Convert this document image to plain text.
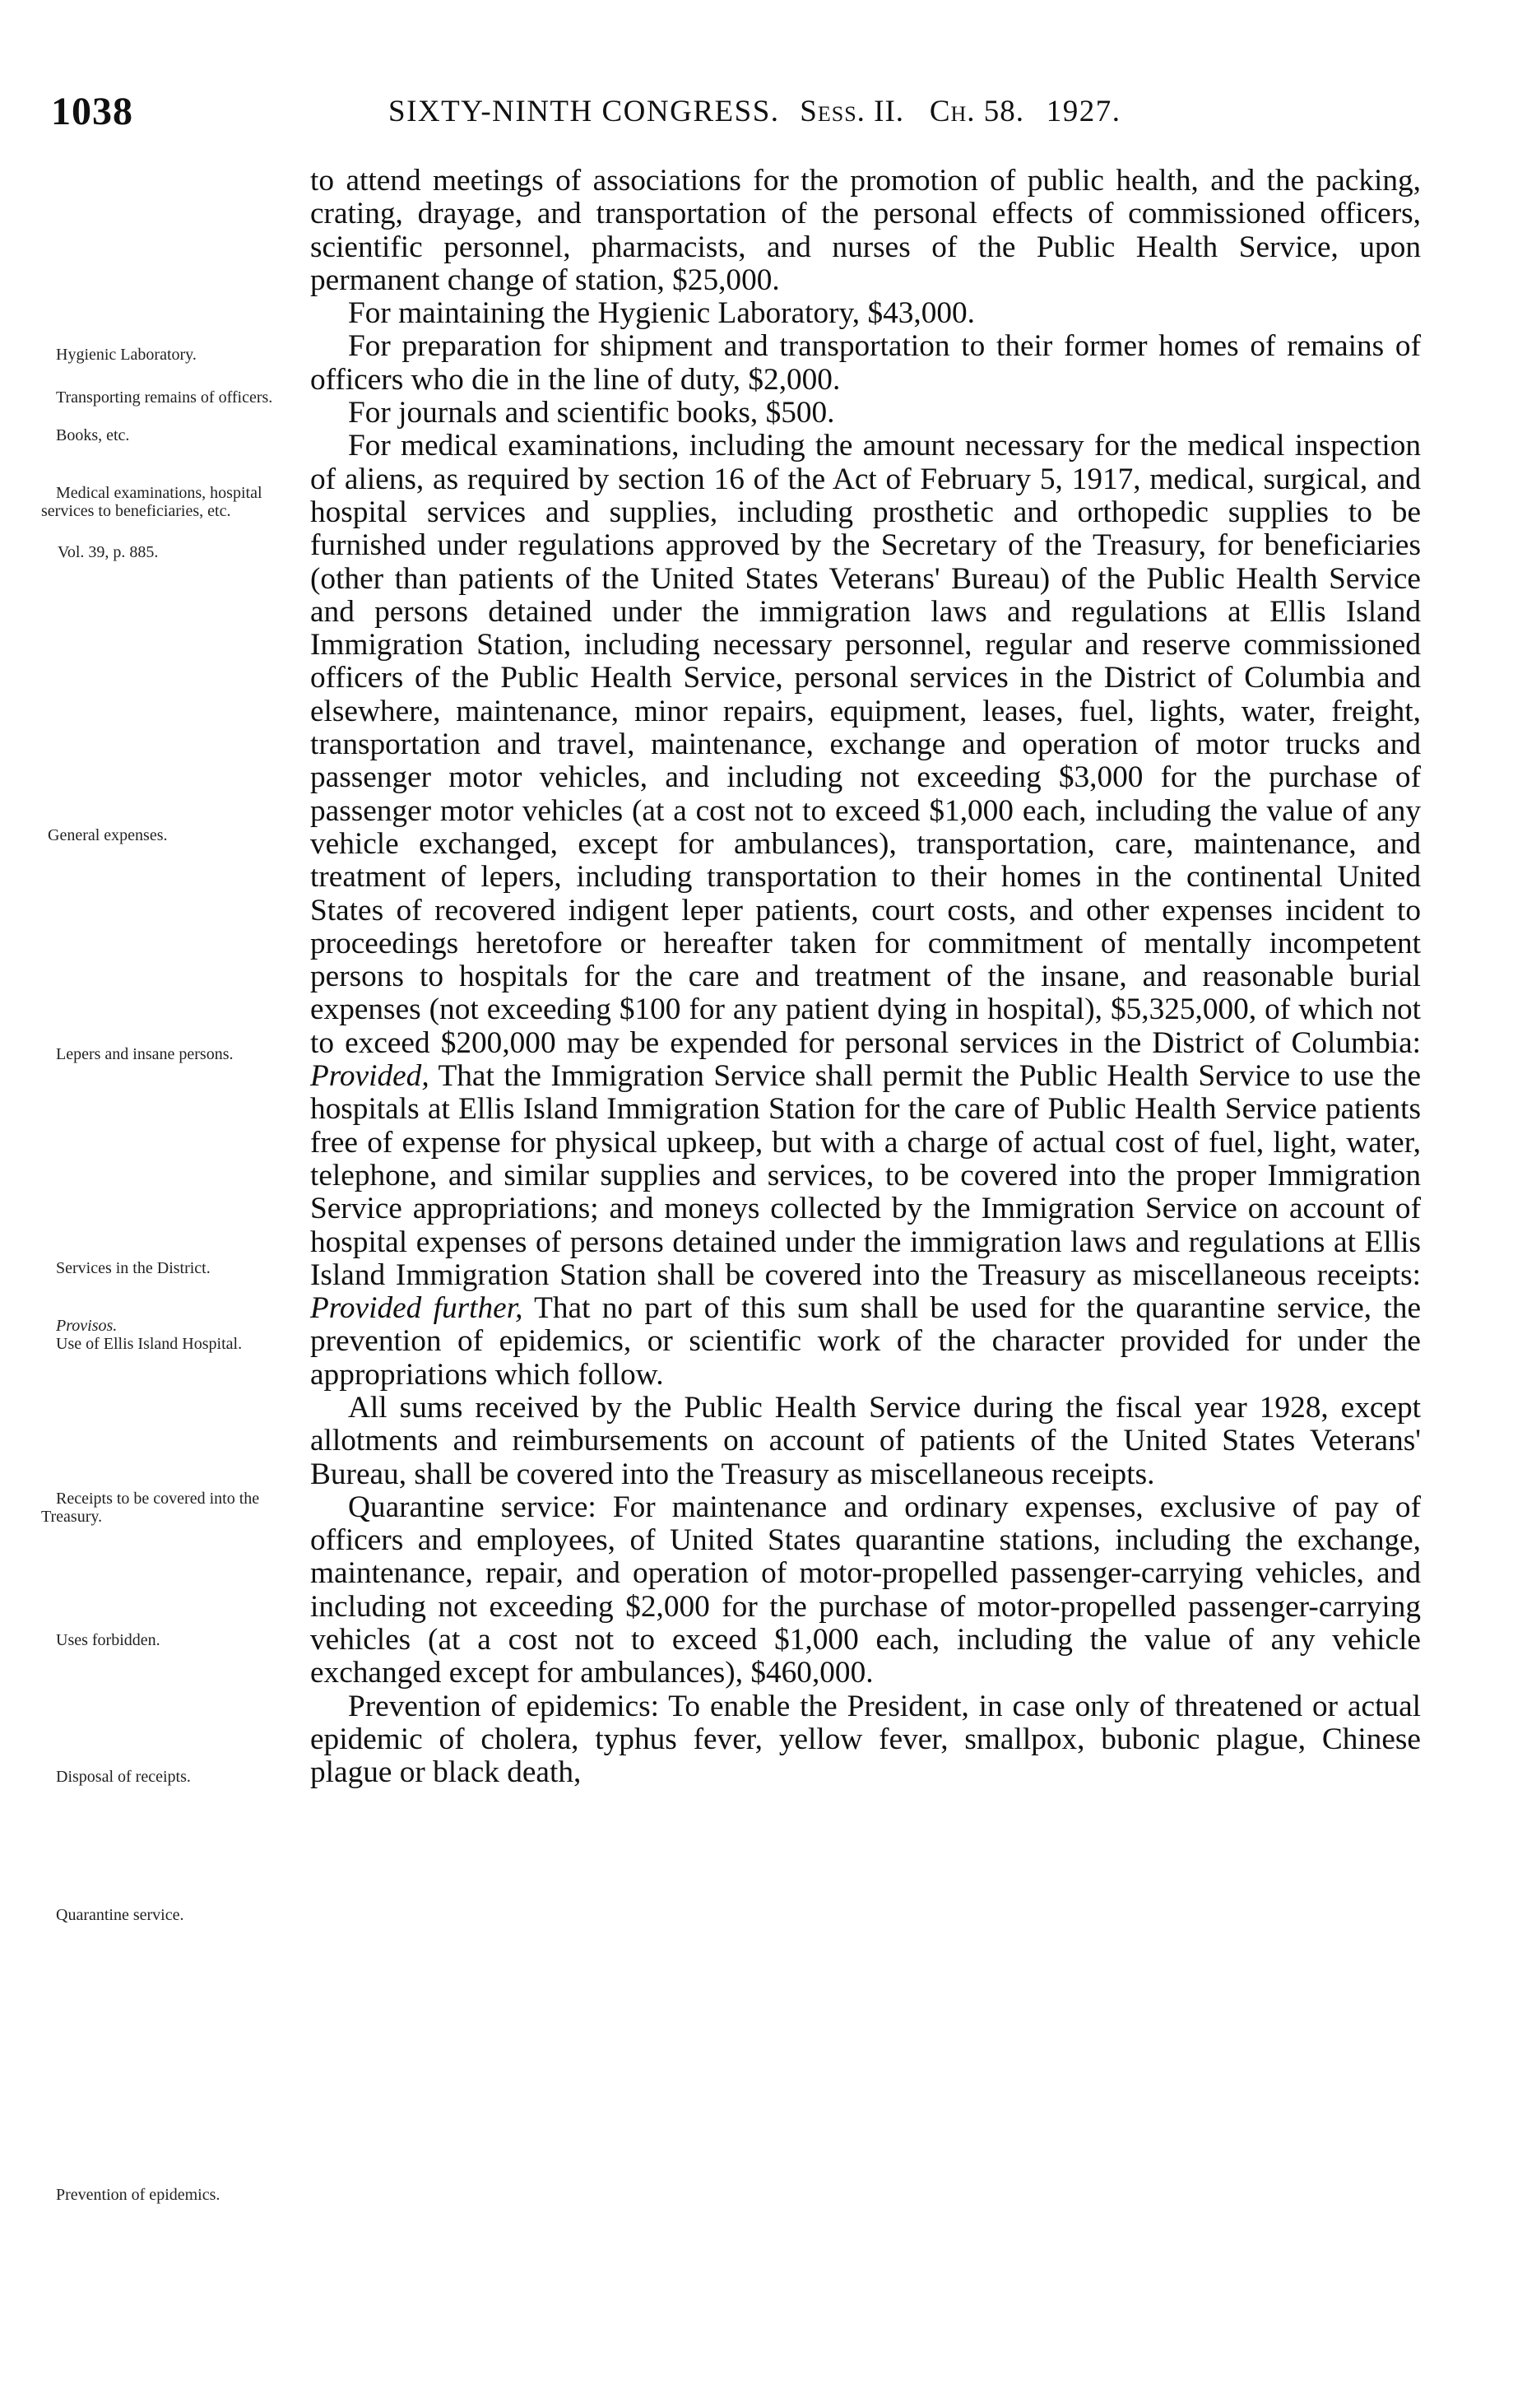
1038	SIXTY-NINTH CONGRESS. Sess. II. Ch. 58. 1927.
Hygienic Laboratory.
Transporting remains of officers.
Books, etc.
Medical examinations, hospital services to beneficiaries, etc.
Vol. 39, p. 885.
General expenses.
Lepers and insane persons.
Services in the District.
Provisos.
Use of Ellis Island Hospital.
Receipts to be covered into the Treasury.
Uses forbidden.
Disposal of receipts.
Quarantine service.
Prevention of epidemics.

to attend meetings of associations for the promotion of public health, and the packing, crating, drayage, and transportation of the personal effects of commissioned officers, scientific personnel, pharmacists, and nurses of the Public Health Service, upon permanent change of station, $25,000.

For maintaining the Hygienic Laboratory, $43,000.

For preparation for shipment and transportation to their former homes of remains of officers who die in the line of duty, $2,000.

For journals and scientific books, $500.

For medical examinations, including the amount necessary for the medical inspection of aliens, as required by section 16 of the Act of February 5, 1917, medical, surgical, and hospital services and supplies, including prosthetic and orthopedic supplies to be furnished under regulations approved by the Secretary of the Treasury, for beneficiaries (other than patients of the United States Veterans' Bureau) of the Public Health Service and persons detained under the immigration laws and regulations at Ellis Island Immigration Station, including necessary personnel, regular and reserve commissioned officers of the Public Health Service, personal services in the District of Columbia and elsewhere, maintenance, minor repairs, equipment, leases, fuel, lights, water, freight, transportation and travel, maintenance, exchange and operation of motor trucks and passenger motor vehicles, and including not exceeding $3,000 for the purchase of passenger motor vehicles (at a cost not to exceed $1,000 each, including the value of any vehicle exchanged, except for ambulances), transportation, care, maintenance, and treatment of lepers, including transportation to their homes in the continental United States of recovered indigent leper patients, court costs, and other expenses incident to proceedings heretofore or hereafter taken for commitment of mentally incompetent persons to hospitals for the care and treatment of the insane, and reasonable burial expenses (not exceeding $100 for any patient dying in hospital), $5,325,000, of which not to exceed $200,000 may be expended for personal services in the District of Columbia: Provided, That the Immigration Service shall permit the Public Health Service to use the hospitals at Ellis Island Immigration Station for the care of Public Health Service patients free of expense for physical upkeep, but with a charge of actual cost of fuel, light, water, telephone, and similar supplies and services, to be covered into the proper Immigration Service appropriations; and moneys collected by the Immigration Service on account of hospital expenses of persons detained under the immigration laws and regulations at Ellis Island Immigration Station shall be covered into the Treasury as miscellaneous receipts: Provided further, That no part of this sum shall be used for the quarantine service, the prevention of epidemics, or scientific work of the character provided for under the appropriations which follow.

All sums received by the Public Health Service during the fiscal year 1928, except allotments and reimbursements on account of patients of the United States Veterans' Bureau, shall be covered into the Treasury as miscellaneous receipts.

Quarantine service: For maintenance and ordinary expenses, exclusive of pay of officers and employees, of United States quarantine stations, including the exchange, maintenance, repair, and operation of motor-propelled passenger-carrying vehicles, and including not exceeding $2,000 for the purchase of motor-propelled passenger-carrying vehicles (at a cost not to exceed $1,000 each, including the value of any vehicle exchanged except for ambulances), $460,000.

Prevention of epidemics: To enable the President, in case only of threatened or actual epidemic of cholera, typhus fever, yellow fever, smallpox, bubonic plague, Chinese plague or black death,
